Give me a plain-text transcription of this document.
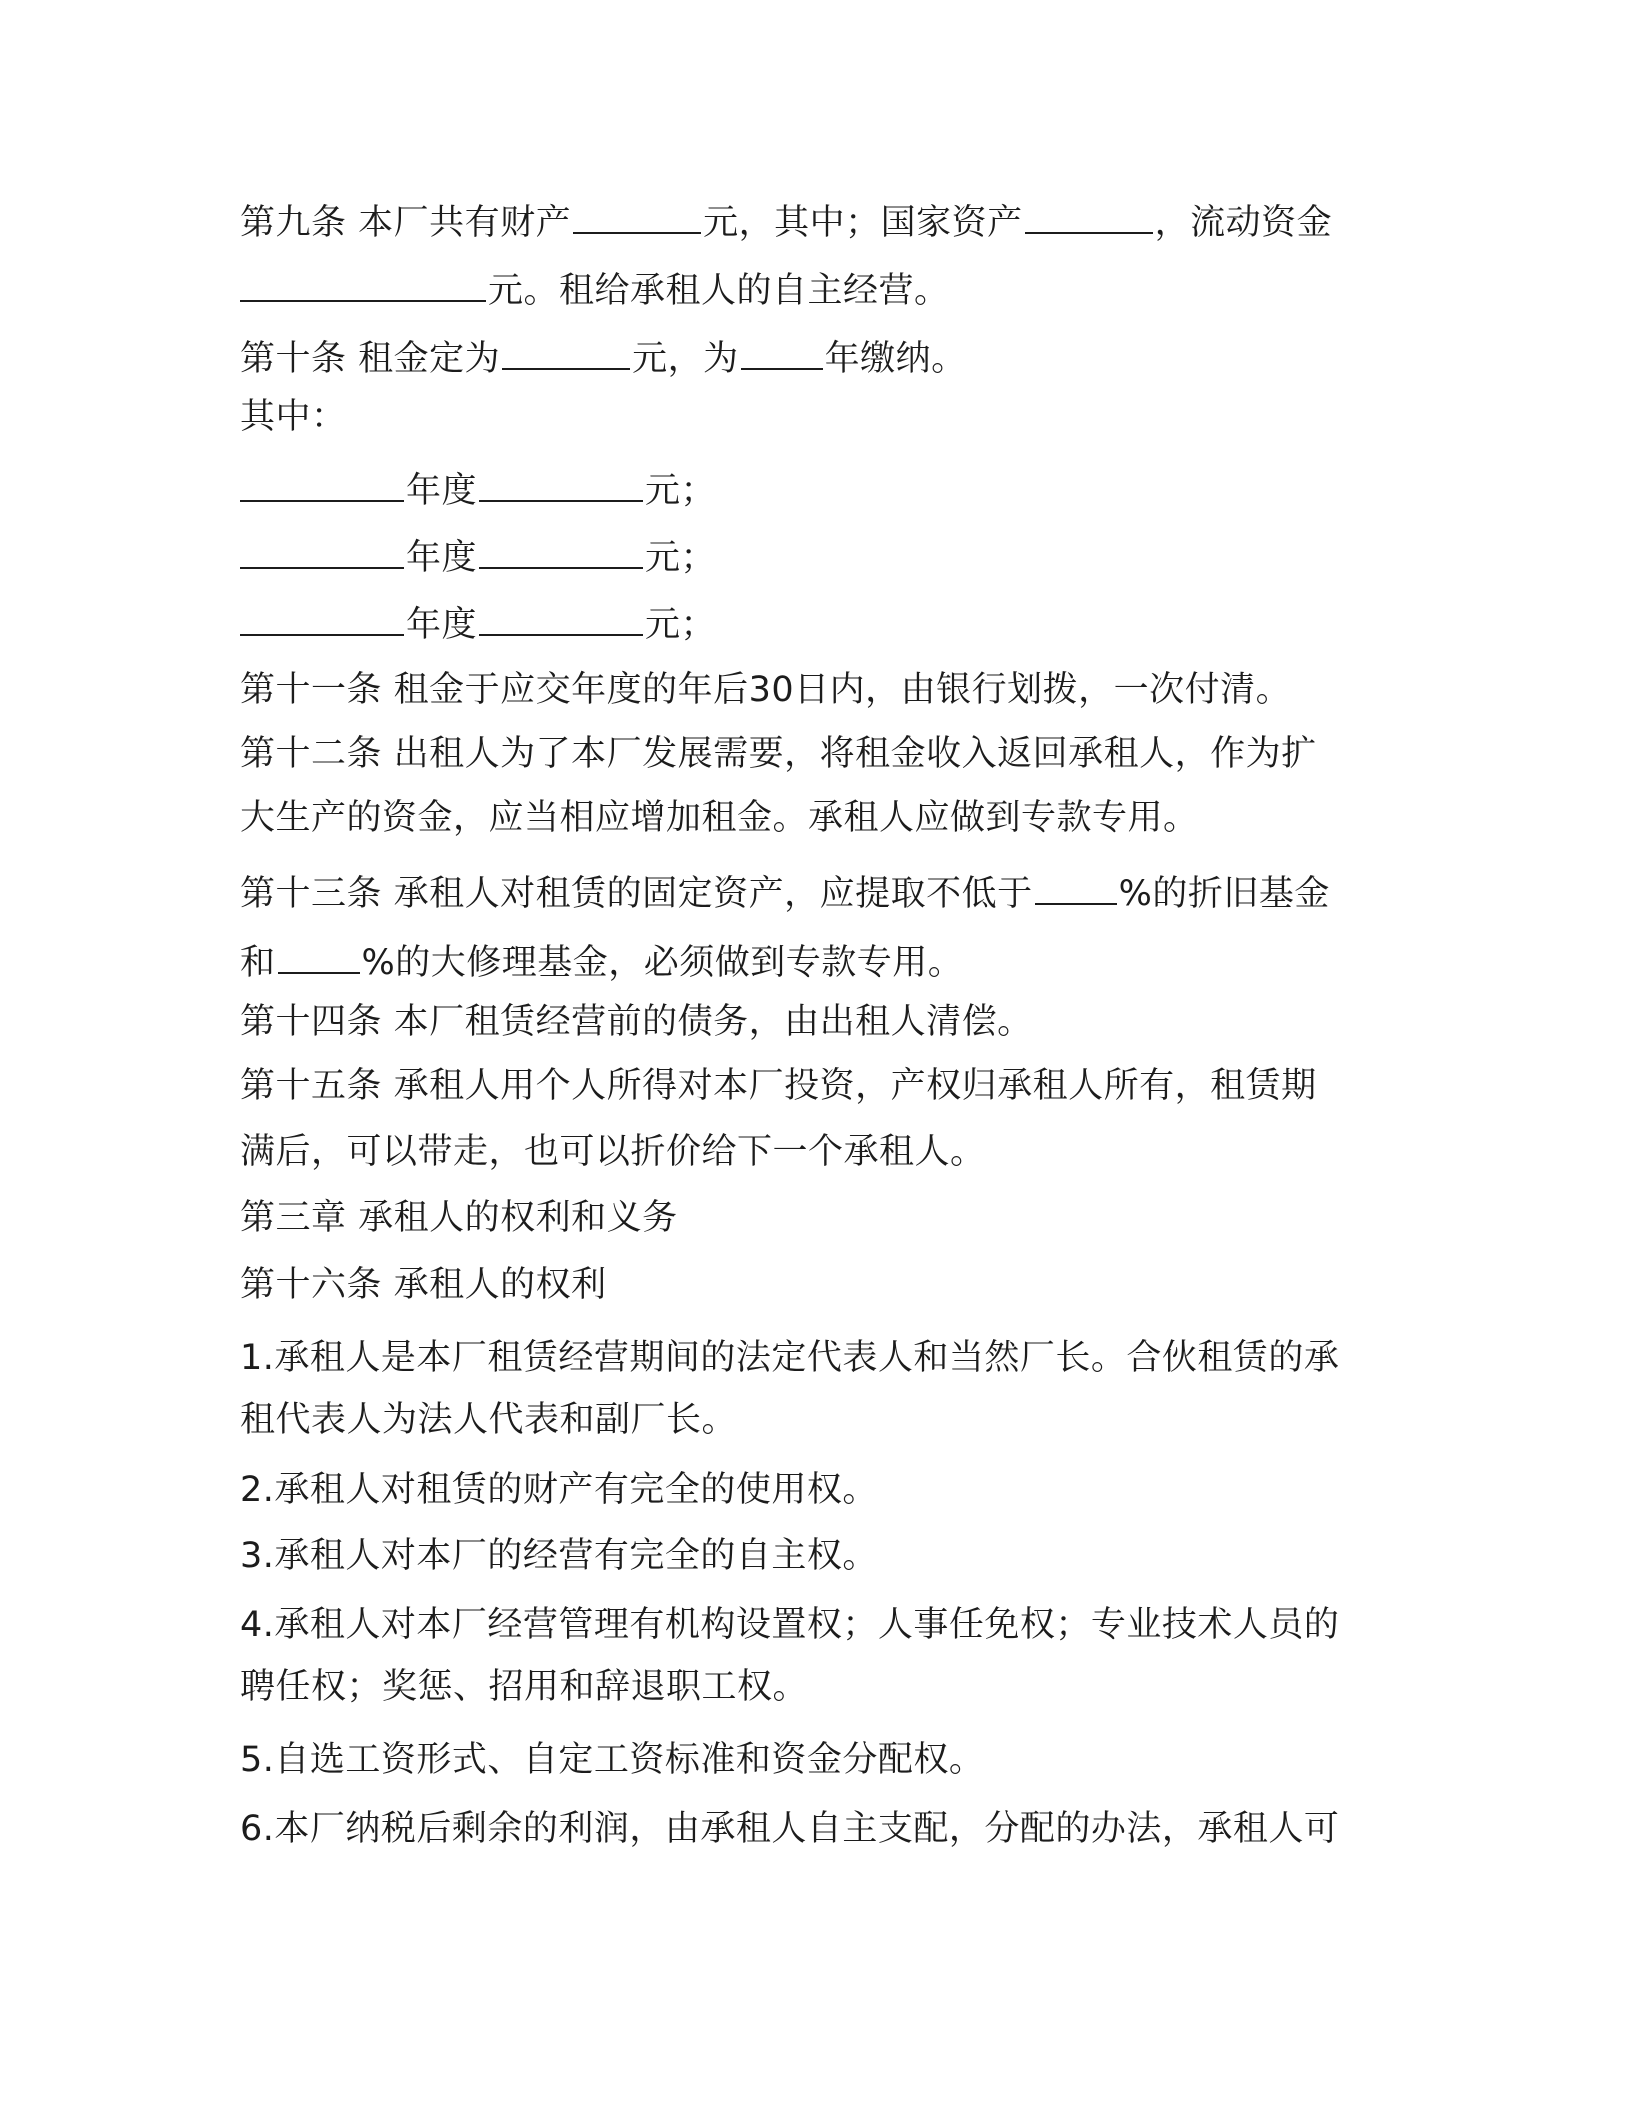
第九条 本厂共有财产	元，其中；国家资产	，流动资金
元。租给承租人的自主经营。
第十条 租金定为	元，为 年缴纳。
其中：
年度	元；
年度	元；
年度	元；
第十一条 租金于应交年度的年后30日内，由银行划拨，一次付清。
第十二条 出租人为了本厂发展需要，将租金收入返回承租人，作为扩
大生产的资金，应当相应增加租金。承租人应做到专款专用。
第十三条 承租人对租赁的固定资产，应提取不低于 %的折旧基金
和 %的大修理基金，必须做到专款专用。
第十四条 本厂租赁经营前的债务，由出租人清偿。
第十五条 承租人用个人所得对本厂投资，产权归承租人所有，租赁期
满后，可以带走，也可以折价给下一个承租人。
第三章 承租人的权利和义务
第十六条 承租人的权利
1.承租人是本厂租赁经营期间的法定代表人和当然厂长。合伙租赁的承
租代表人为法人代表和副厂长。
2.承租人对租赁的财产有完全的使用权。
3.承租人对本厂的经营有完全的自主权。
4.承租人对本厂经营管理有机构设置权；人事任免权；专业技术人员的
聘任权；奖惩、招用和辞退职工权。
5.自选工资形式、自定工资标准和资金分配权。
6.本厂纳税后剩余的利润，由承租人自主支配，分配的办法，承租人可
